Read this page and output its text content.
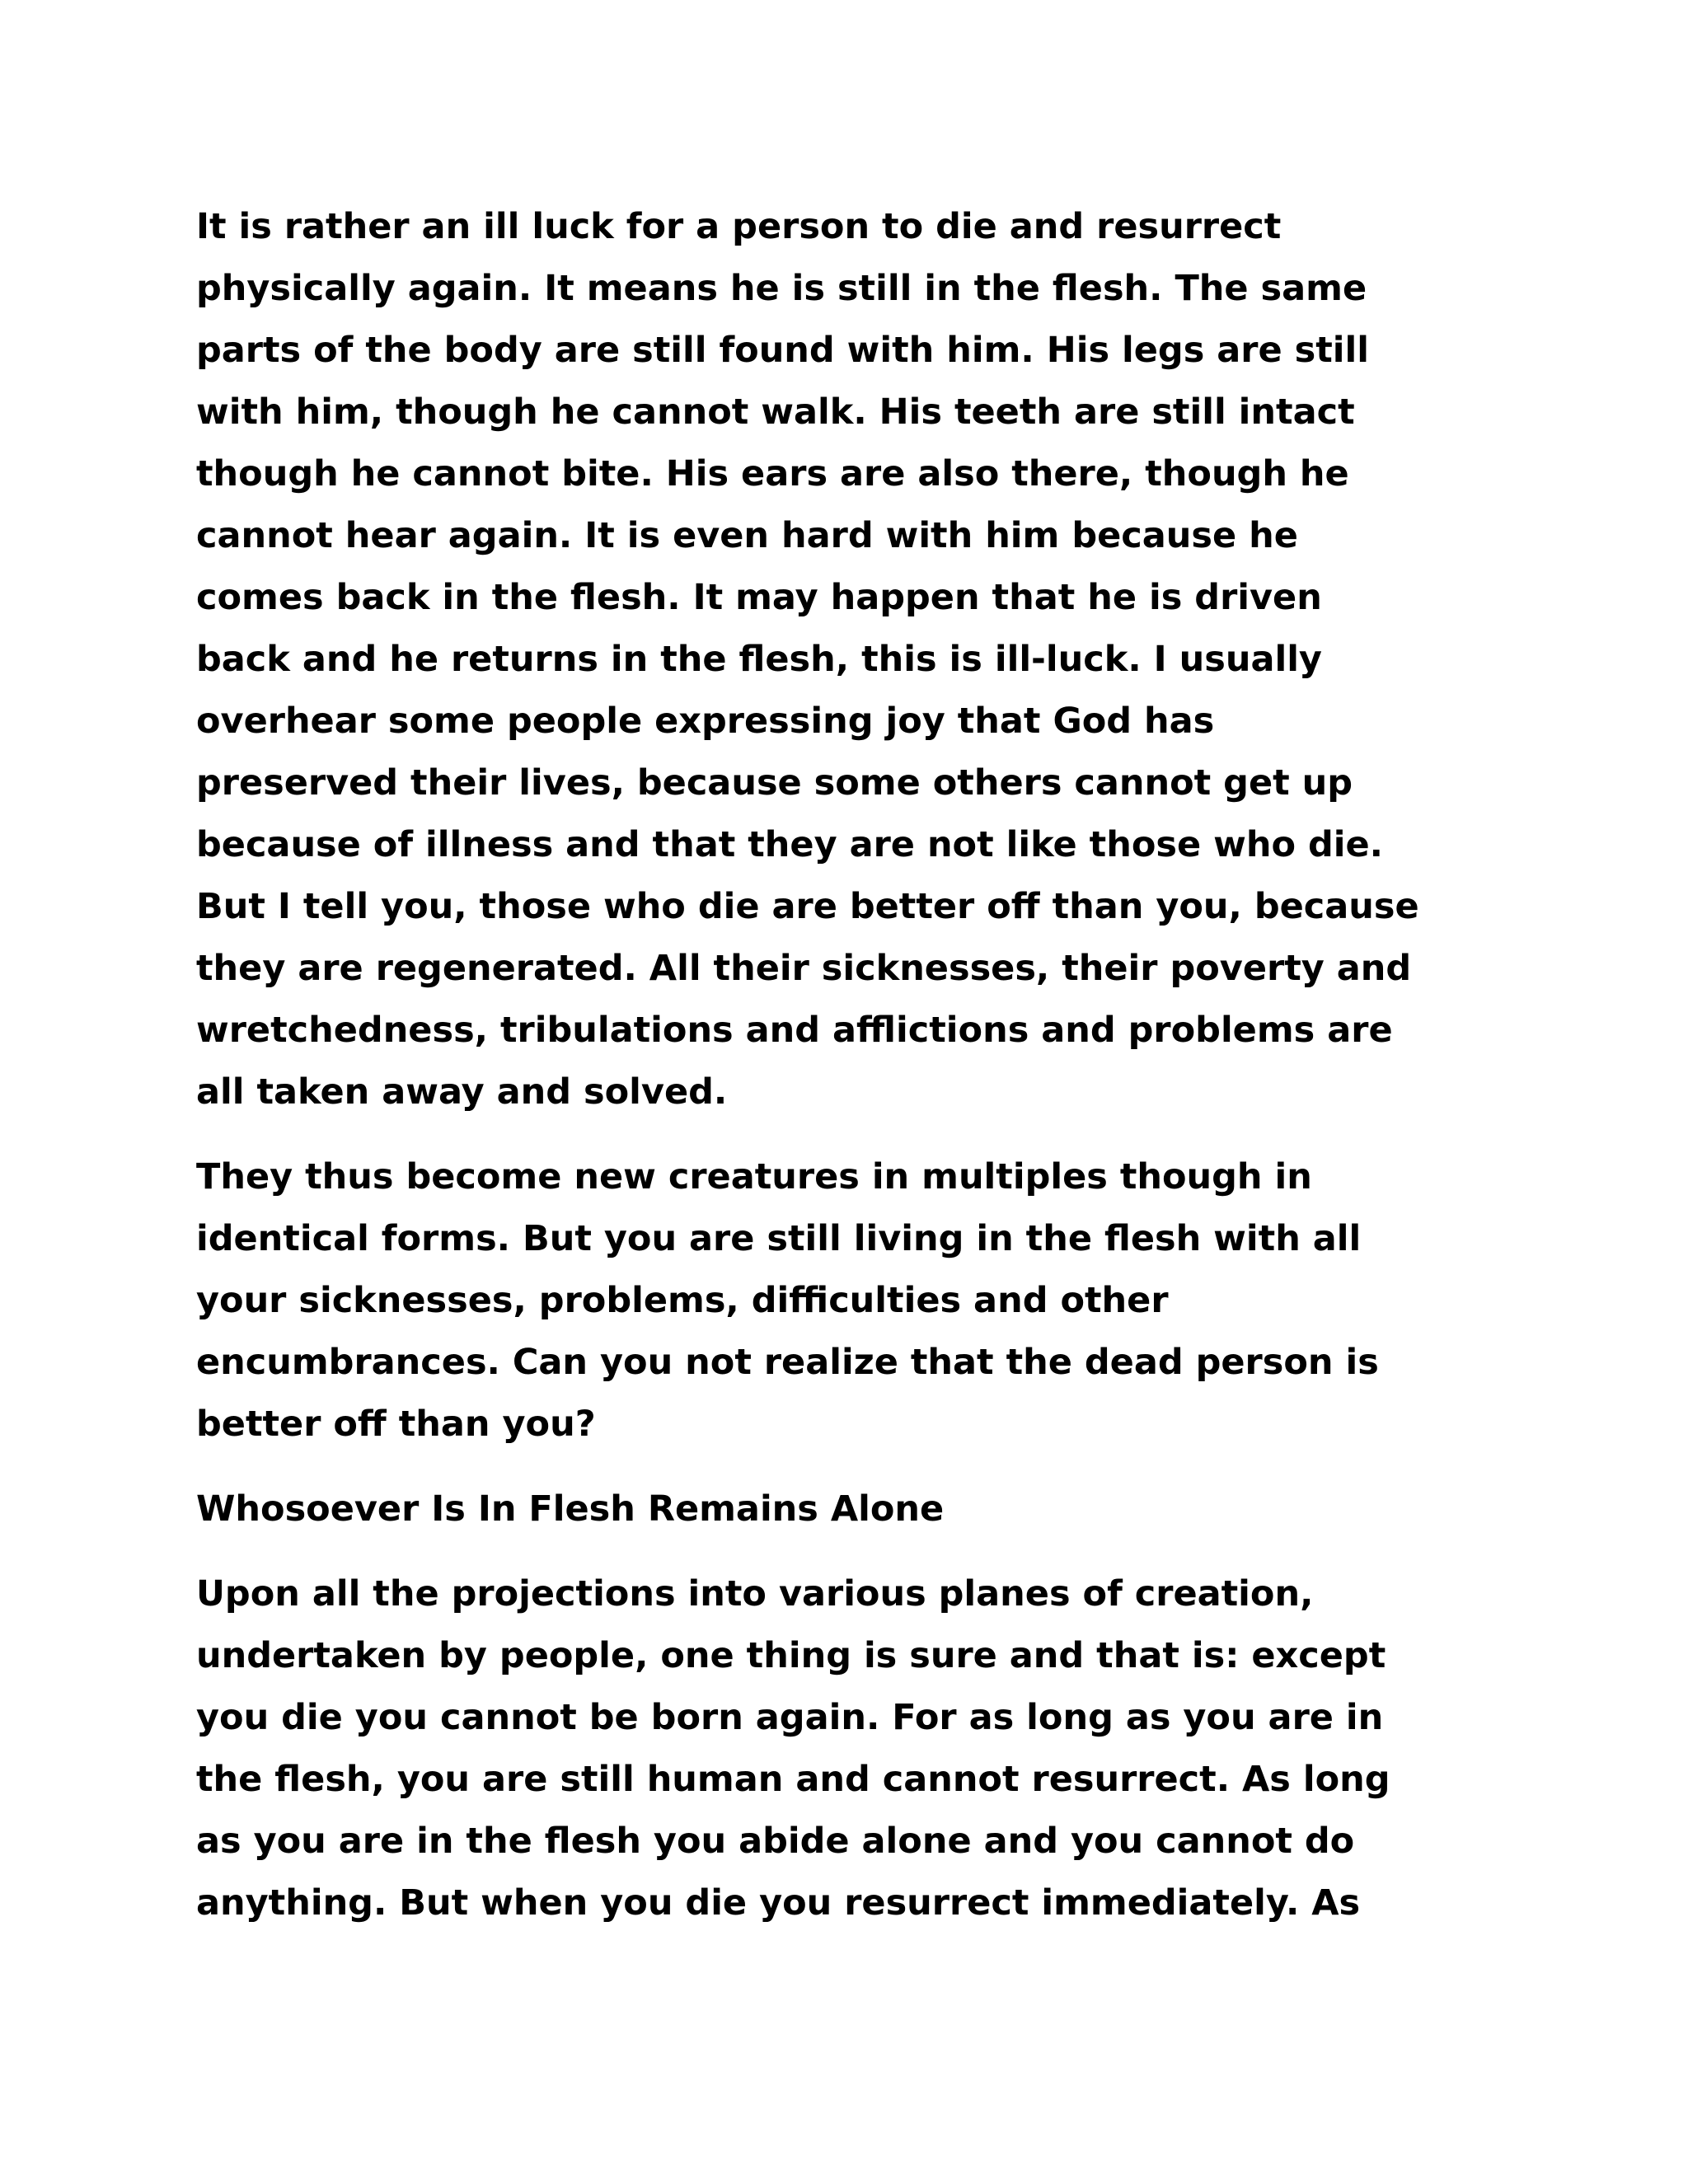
It is rather an ill luck for a person to die and resurrect
physically again. It means he is still in the flesh. The same
parts of the body are still found with him. His legs are still
with him, though he cannot walk. His teeth are still intact
though he cannot bite. His ears are also there, though he
cannot hear again. It is even hard with him because he
comes back in the flesh. It may happen that he is driven
back and he returns in the flesh, this is ill-luck. I usually
overhear some people expressing joy that God has
preserved their lives, because some others cannot get up
because of illness and that they are not like those who die.
But I tell you, those who die are better off than you, because
they are regenerated. All their sicknesses, their poverty and
wretchedness, tribulations and afflictions and problems are
all taken away and solved.

They thus become new creatures in multiples though in
identical forms. But you are still living in the flesh with all
your sicknesses, problems, difficulties and other
encumbrances. Can you not realize that the dead person is
better off than you?

Whosoever Is In Flesh Remains Alone

Upon all the projections into various planes of creation,
undertaken by people, one thing is sure and that is: except
you die you cannot be born again. For as long as you are in
the flesh, you are still human and cannot resurrect. As long
as you are in the flesh you abide alone and you cannot do
anything. But when you die you resurrect immediately. As
